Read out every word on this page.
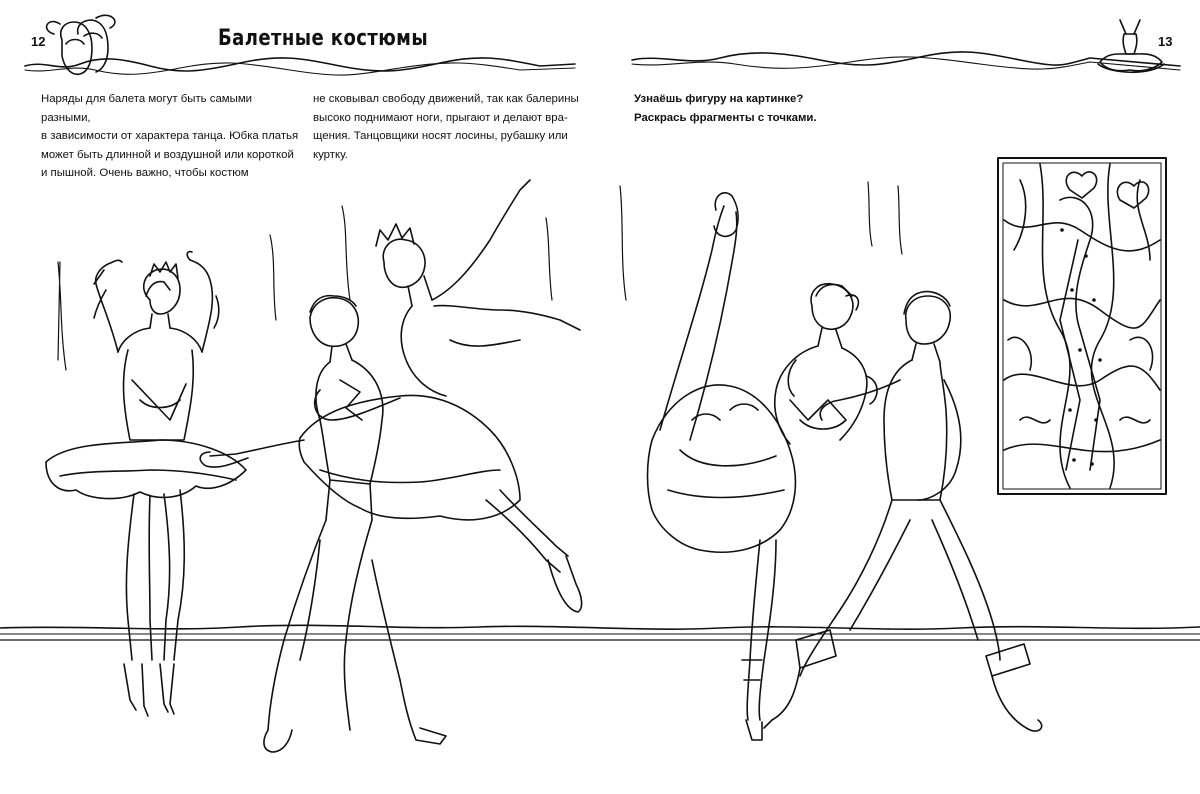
12	13
Балетные костюмы

Наряды для балета могут быть самыми разными,

в зависимости от характера танца. Юбка платья

может быть длинной и воздушной или короткой

и пышной. Очень важно, чтобы костюм

не сковывал свободу движений, так как балерины

высоко поднимают ноги, прыгают и делают вра-

щения. Танцовщики носят лосины, рубашку или

куртку.

Узнаёшь фигуру на картинке?

Раскрась фрагменты с точками.
